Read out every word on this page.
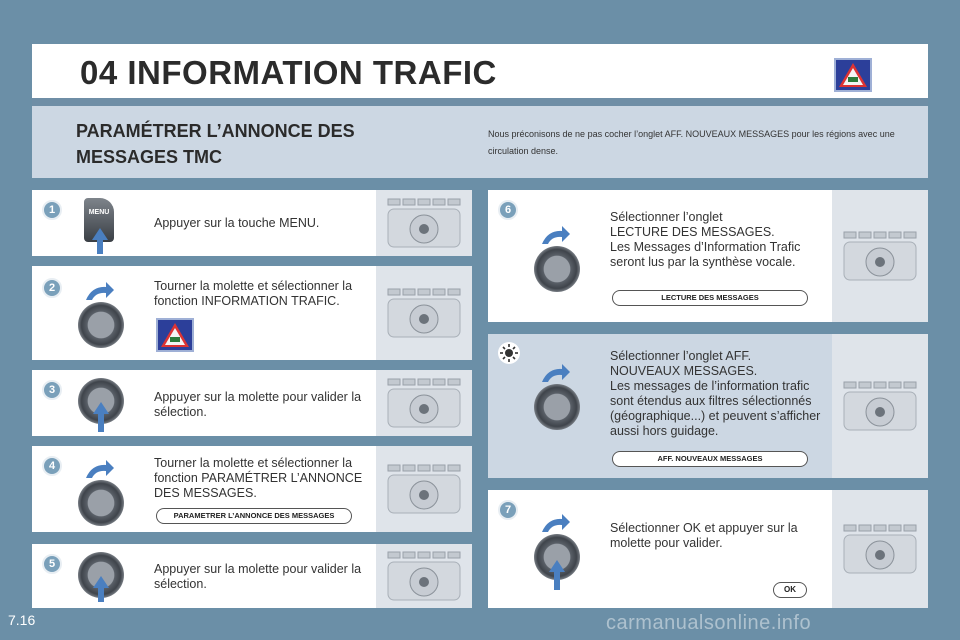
04 INFORMATION TRAFIC
PARAMÉTRER L’ANNONCE DES MESSAGES TMC
Nous préconisons de ne pas cocher l’onglet AFF. NOUVEAUX MESSAGES pour les régions avec une circulation dense.
1	MENU
Appuyer sur la touche MENU.
2	Tourner la molette et sélectionner la
fonction INFORMATION TRAFIC.
3	Appuyer sur la molette pour valider la
sélection.
4	Tourner la molette et sélectionner la
fonction PARAMÉTRER L’ANNONCE
DES MESSAGES.
PARAMETRER L’ANNONCE DES MESSAGES
5	Appuyer sur la molette pour valider la
sélection.
6	Sélectionner l’onglet
LECTURE DES MESSAGES.
Les Messages d’Information Trafic
seront lus par la synthèse vocale.
LECTURE DES MESSAGES
Sélectionner l’onglet AFF.
NOUVEAUX MESSAGES.
Les messages de l’information trafic
sont étendus aux filtres sélectionnés
(géographique...) et peuvent s’afficher
aussi hors guidage.
AFF. NOUVEAUX MESSAGES
7
Sélectionner OK et appuyer sur la
molette pour valider.
OK
7.16	carmanualsonline.info
